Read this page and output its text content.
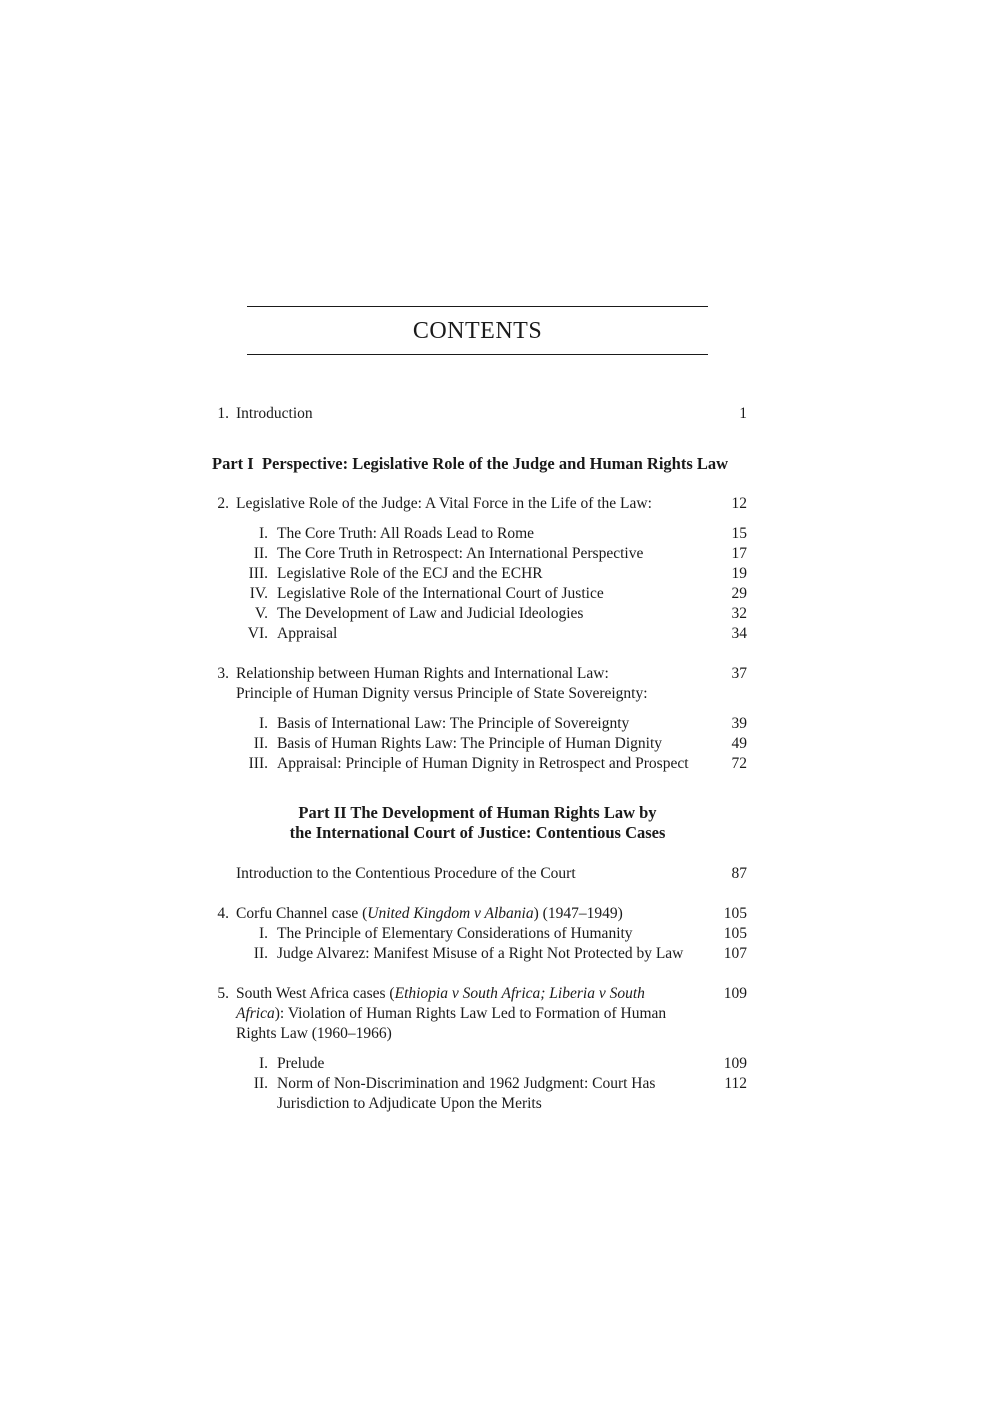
CONTENTS
1. Introduction	1
Part I Perspective: Legislative Role of the Judge and Human Rights Law
2. Legislative Role of the Judge: A Vital Force in the Life of the Law:	12
I. The Core Truth: All Roads Lead to Rome	15
II. The Core Truth in Retrospect: An International Perspective	17
III. Legislative Role of the ECJ and the ECHR	19
IV. Legislative Role of the International Court of Justice	29
V. The Development of Law and Judicial Ideologies	32
VI. Appraisal	34
3. Relationship between Human Rights and International Law:	37
Principle of Human Dignity versus Principle of State Sovereignty:
I. Basis of International Law: The Principle of Sovereignty	39
II. Basis of Human Rights Law: The Principle of Human Dignity	49
III. Appraisal: Principle of Human Dignity in Retrospect and Prospect	72
Part II The Development of Human Rights Law by
the International Court of Justice: Contentious Cases
Introduction to the Contentious Procedure of the Court	87
4. Corfu Channel case (United Kingdom v Albania) (1947–1949)	105
I. The Principle of Elementary Considerations of Humanity	105
II. Judge Alvarez: Manifest Misuse of a Right Not Protected by Law	107
5. South West Africa cases (Ethiopia v South Africa; Liberia v South	109
Africa): Violation of Human Rights Law Led to Formation of Human
Rights Law (1960–1966)
I. Prelude	109
II. Norm of Non-Discrimination and 1962 Judgment: Court Has	112
Jurisdiction to Adjudicate Upon the Merits
